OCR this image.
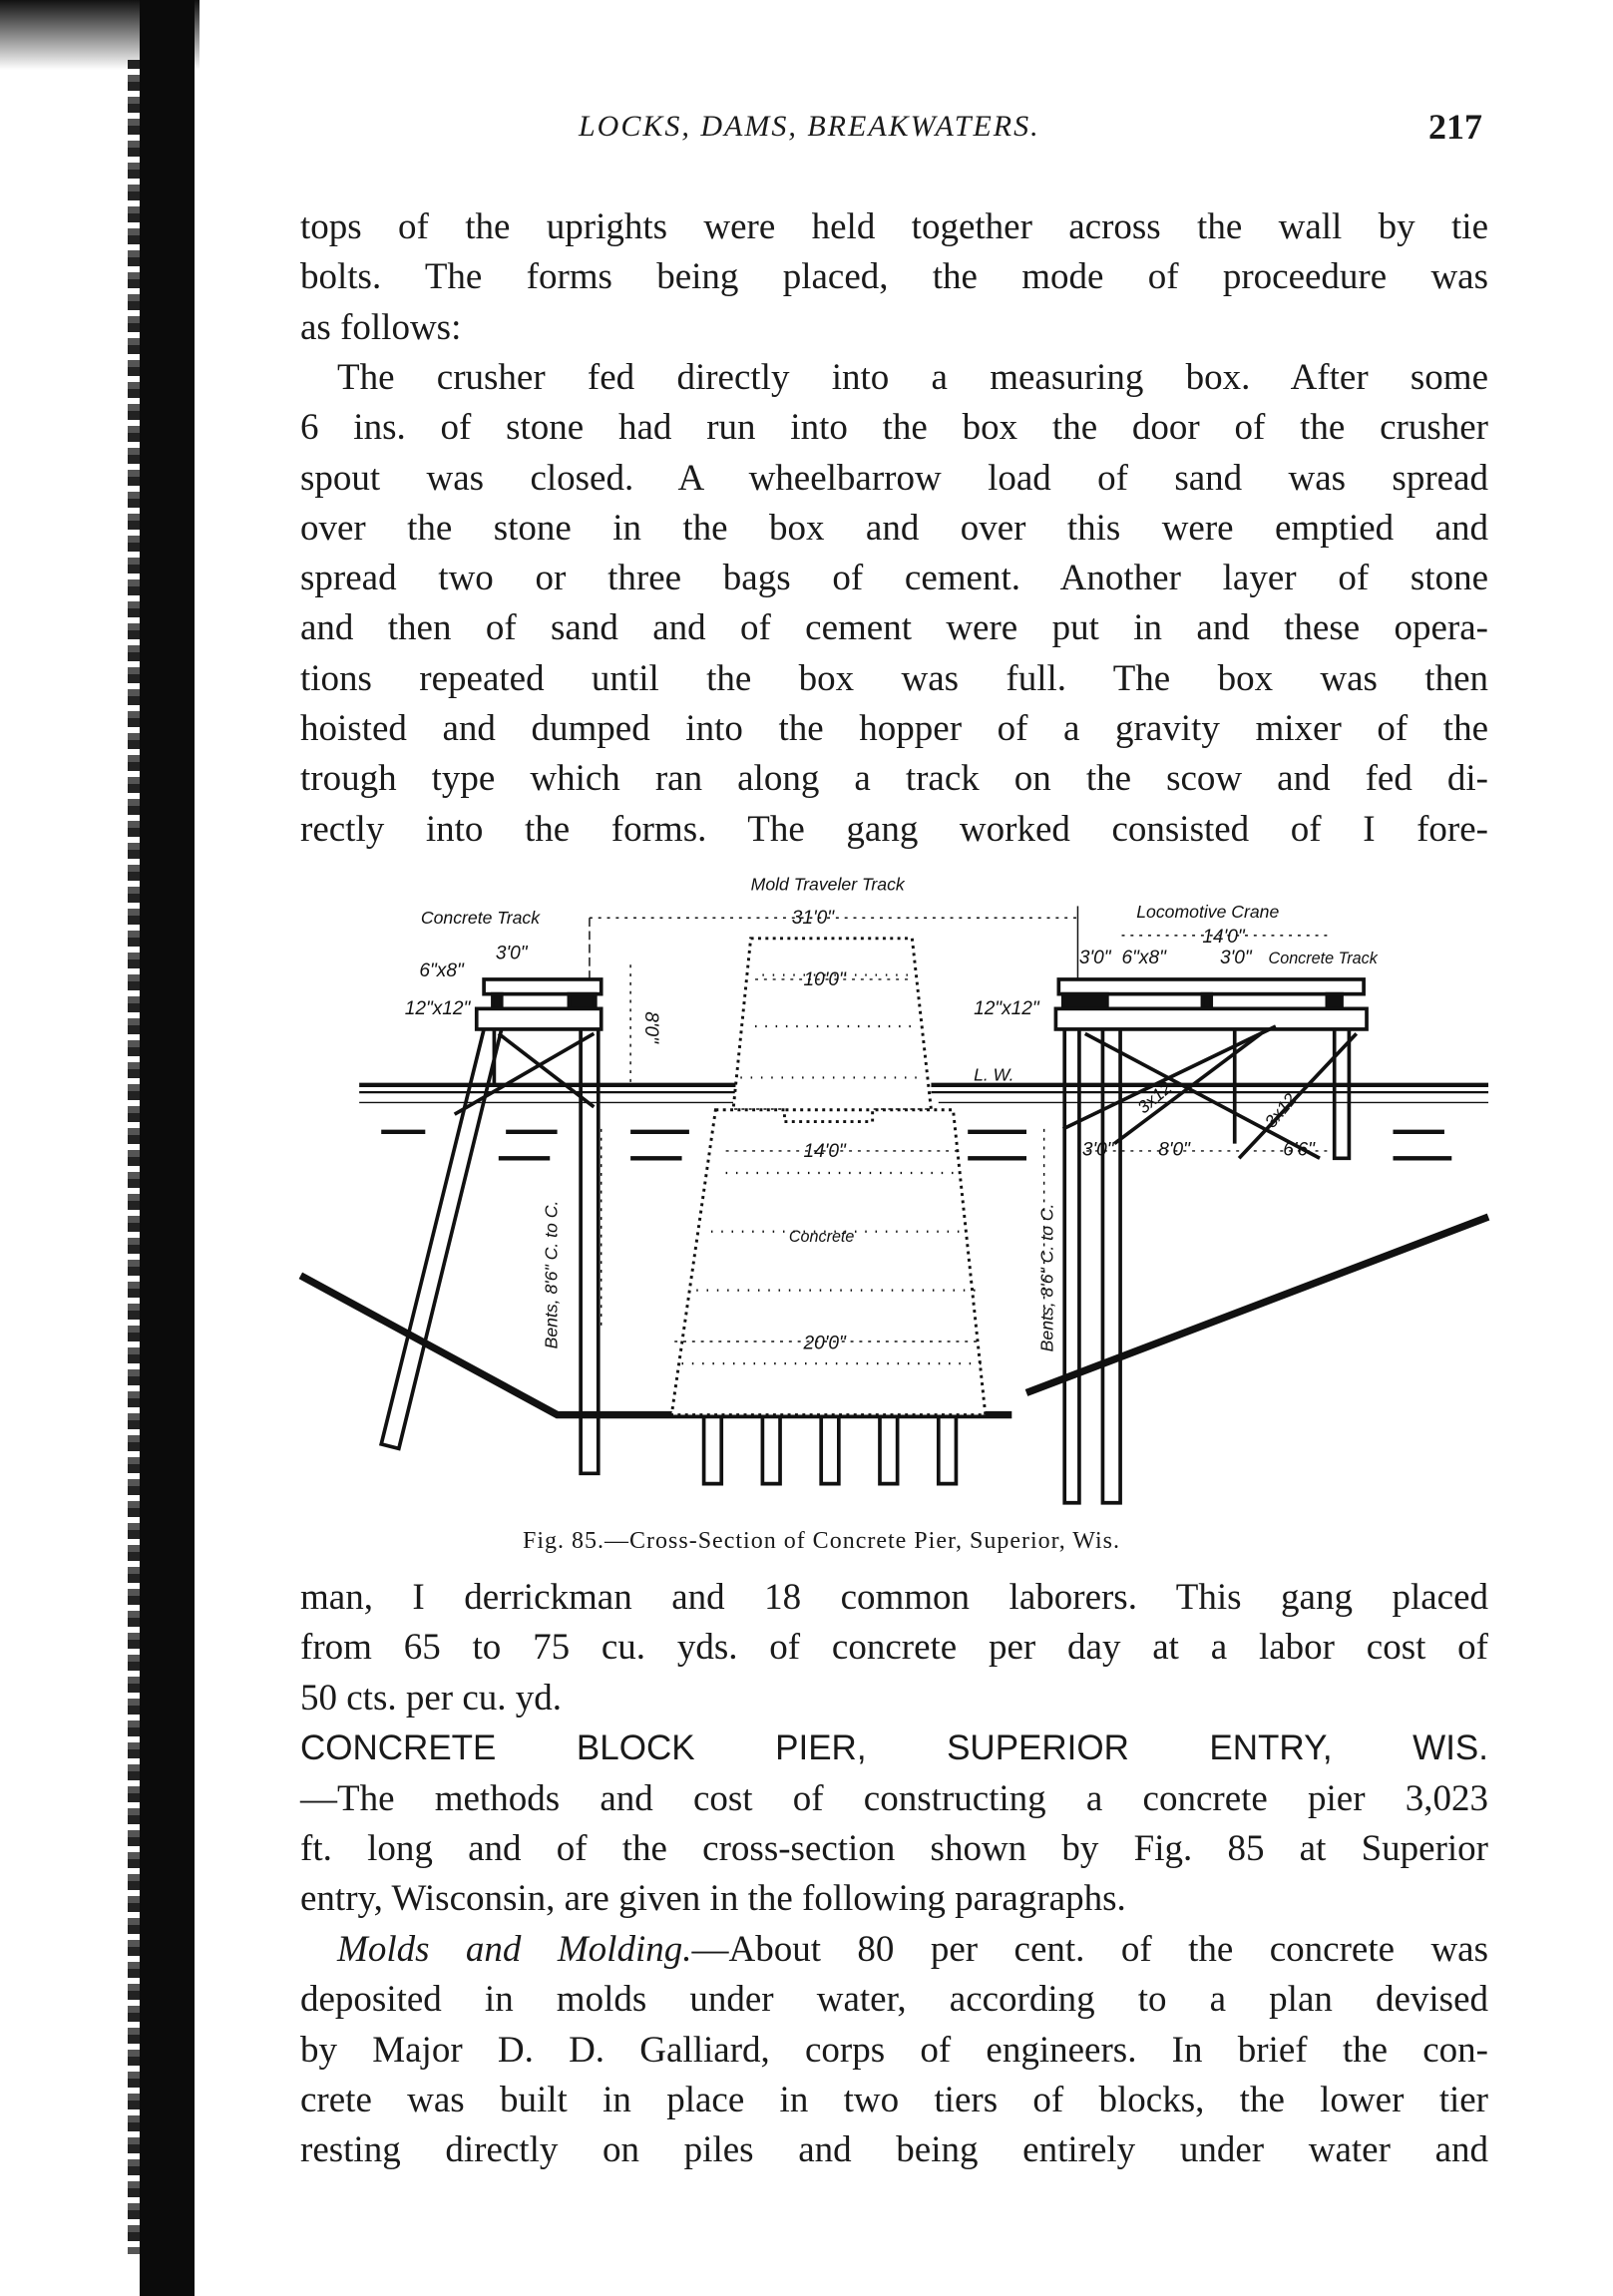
LOCKS, DAMS, BREAKWATERS.	217
tops of the uprights were held together across the wall by tie
bolts. The forms being placed, the mode of proceedure was
as follows:
The crusher fed directly into a measuring box. After some
6 ins. of stone had run into the box the door of the crusher
spout was closed. A wheelbarrow load of sand was spread
over the stone in the box and over this were emptied and
spread two or three bags of cement. Another layer of stone
and then of sand and of cement were put in and these opera-
tions repeated until the box was full. The box was then
hoisted and dumped into the hopper of a gravity mixer of the
trough type which ran along a track on the scow and fed di-
rectly into the forms. The gang worked consisted of I fore-
man, I derrickman and 18 common laborers. This gang placed
from 65 to 75 cu. yds. of concrete per day at a labor cost of
50 cts. per cu. yd.
CONCRETE BLOCK PIER, SUPERIOR ENTRY, WIS.
—The methods and cost of constructing a concrete pier 3,023
ft. long and of the cross-section shown by Fig. 85 at Superior
entry, Wisconsin, are given in the following paragraphs.
Molds and Molding.—About 80 per cent. of the concrete was
deposited in molds under water, according to a plan devised
by Major D. D. Galliard, corps of engineers. In brief the con-
crete was built in place in two tiers of blocks, the lower tier
resting directly on piles and being entirely under water and
Mold Traveler Track
Concrete Track	31'0"
3'0"
6"x8"
12"x12"
8'0"
10'0"
12"x12"
L. W.
Locomotive Crane
14'0"
3'0" 6"x8"	3'0" Concrete Track
3x12	3x12
3'0"	8'0"	6'6"
14'0"
Concrete
Bents, 8'6" C. to C.	Bents, 8'6" C. to C.
20'0"
Fig. 85.—Cross-Section of Concrete Pier, Superior, Wis.
